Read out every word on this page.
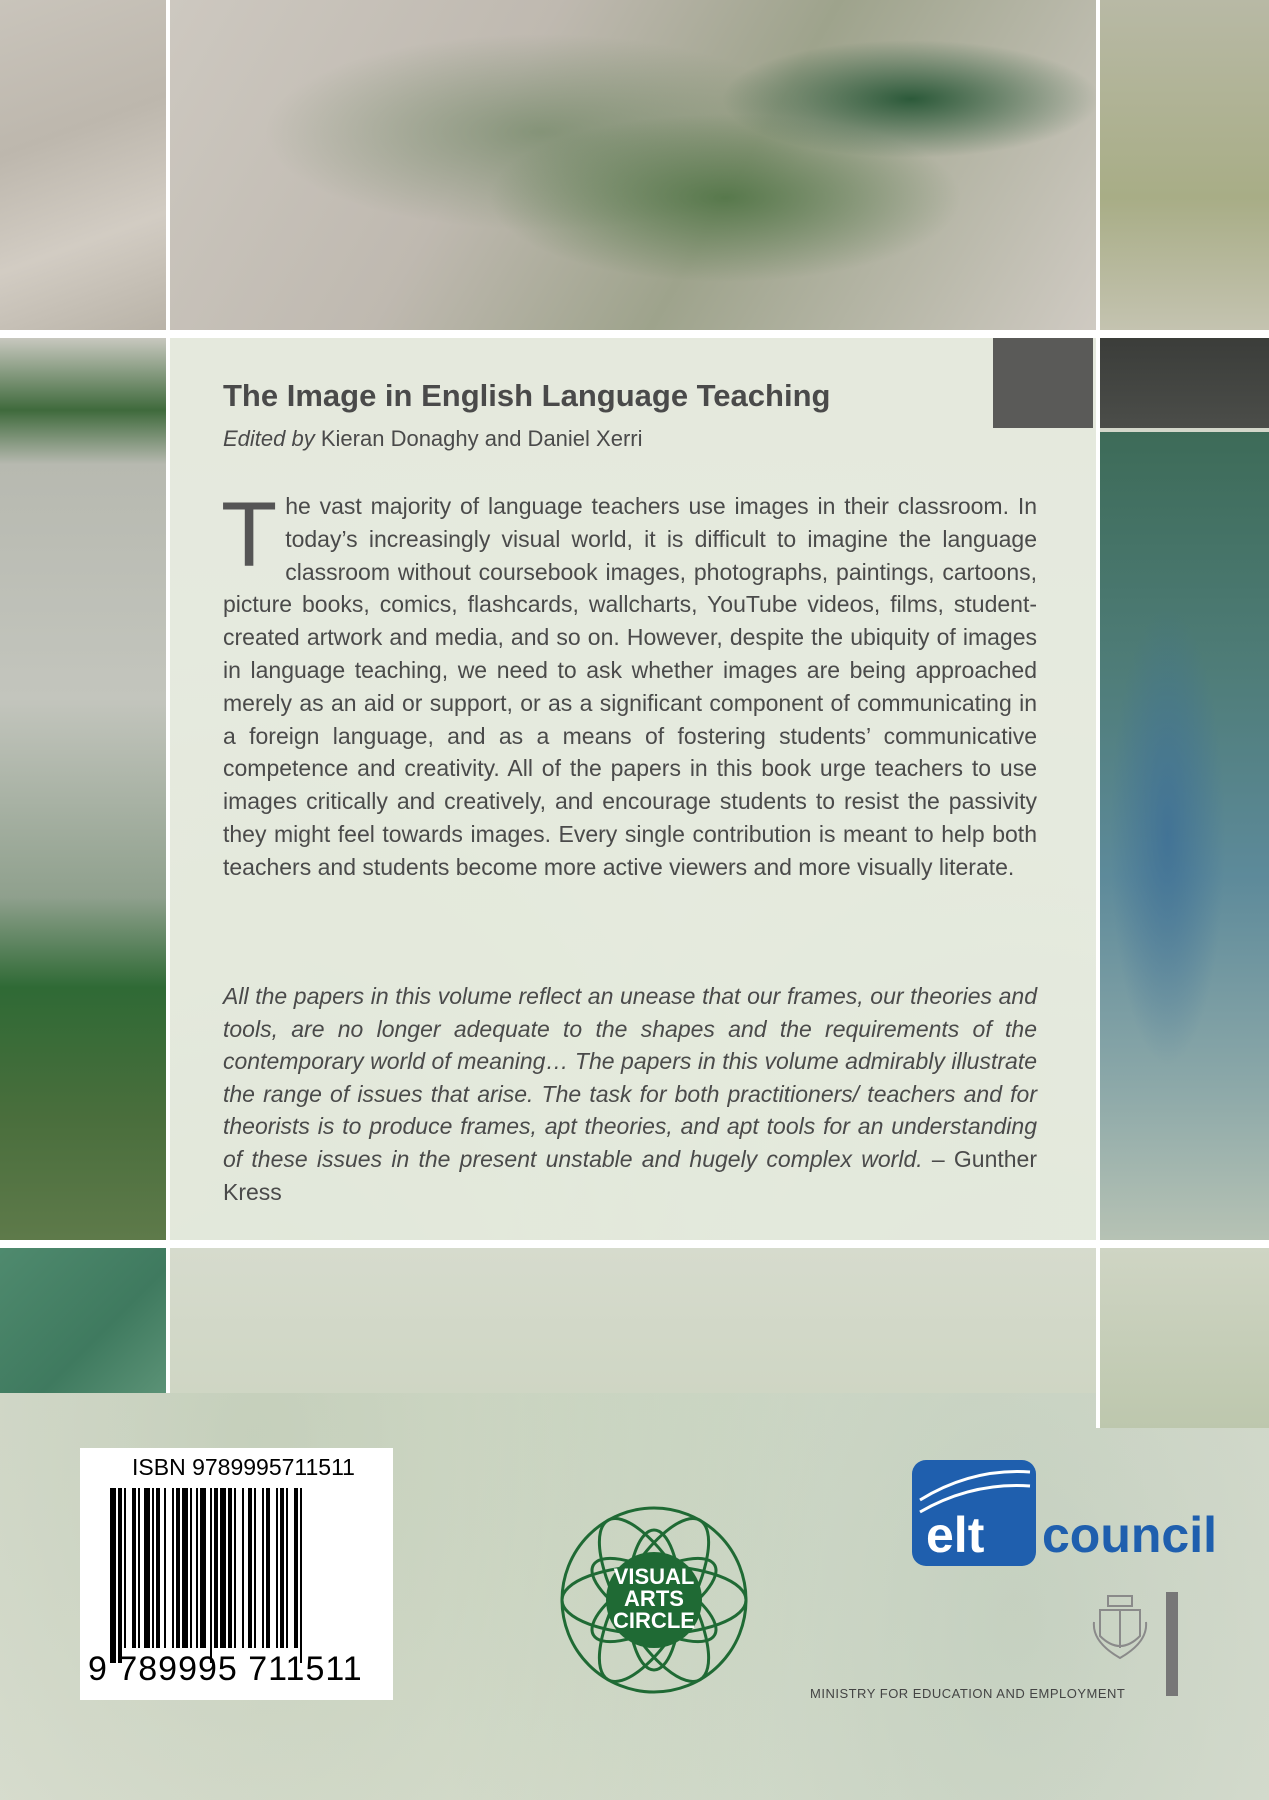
The Image in English Language Teaching

Edited by Kieran Donaghy and Daniel Xerri

The vast majority of language teachers use images in their classroom. In today’s increasingly visual world, it is difficult to imagine the language classroom without coursebook images, photographs, paintings, cartoons, picture books, comics, flashcards, wallcharts, YouTube videos, films, student-created artwork and media, and so on. However, despite the ubiquity of images in language teaching, we need to ask whether images are being approached merely as an aid or support, or as a significant component of communicating in a foreign language, and as a means of fostering students’ communicative competence and creativity. All of the papers in this book urge teachers to use images critically and creatively, and encourage students to resist the passivity they might feel towards images. Every single contribution is meant to help both teachers and students become more active viewers and more visually literate.

All the papers in this volume reflect an unease that our frames, our theories and tools, are no longer adequate to the shapes and the requirements of the contemporary world of meaning… The papers in this volume admirably illustrate the range of issues that arise. The task for both practitioners/ teachers and for theorists is to produce frames, apt theories, and apt tools for an understanding of these issues in the present unstable and hugely complex world. – Gunther Kress

ISBN 9789995711511
9 789995 711511
VISUAL
ARTS
CIRCLE
elt council
MINISTRY FOR EDUCATION AND EMPLOYMENT
